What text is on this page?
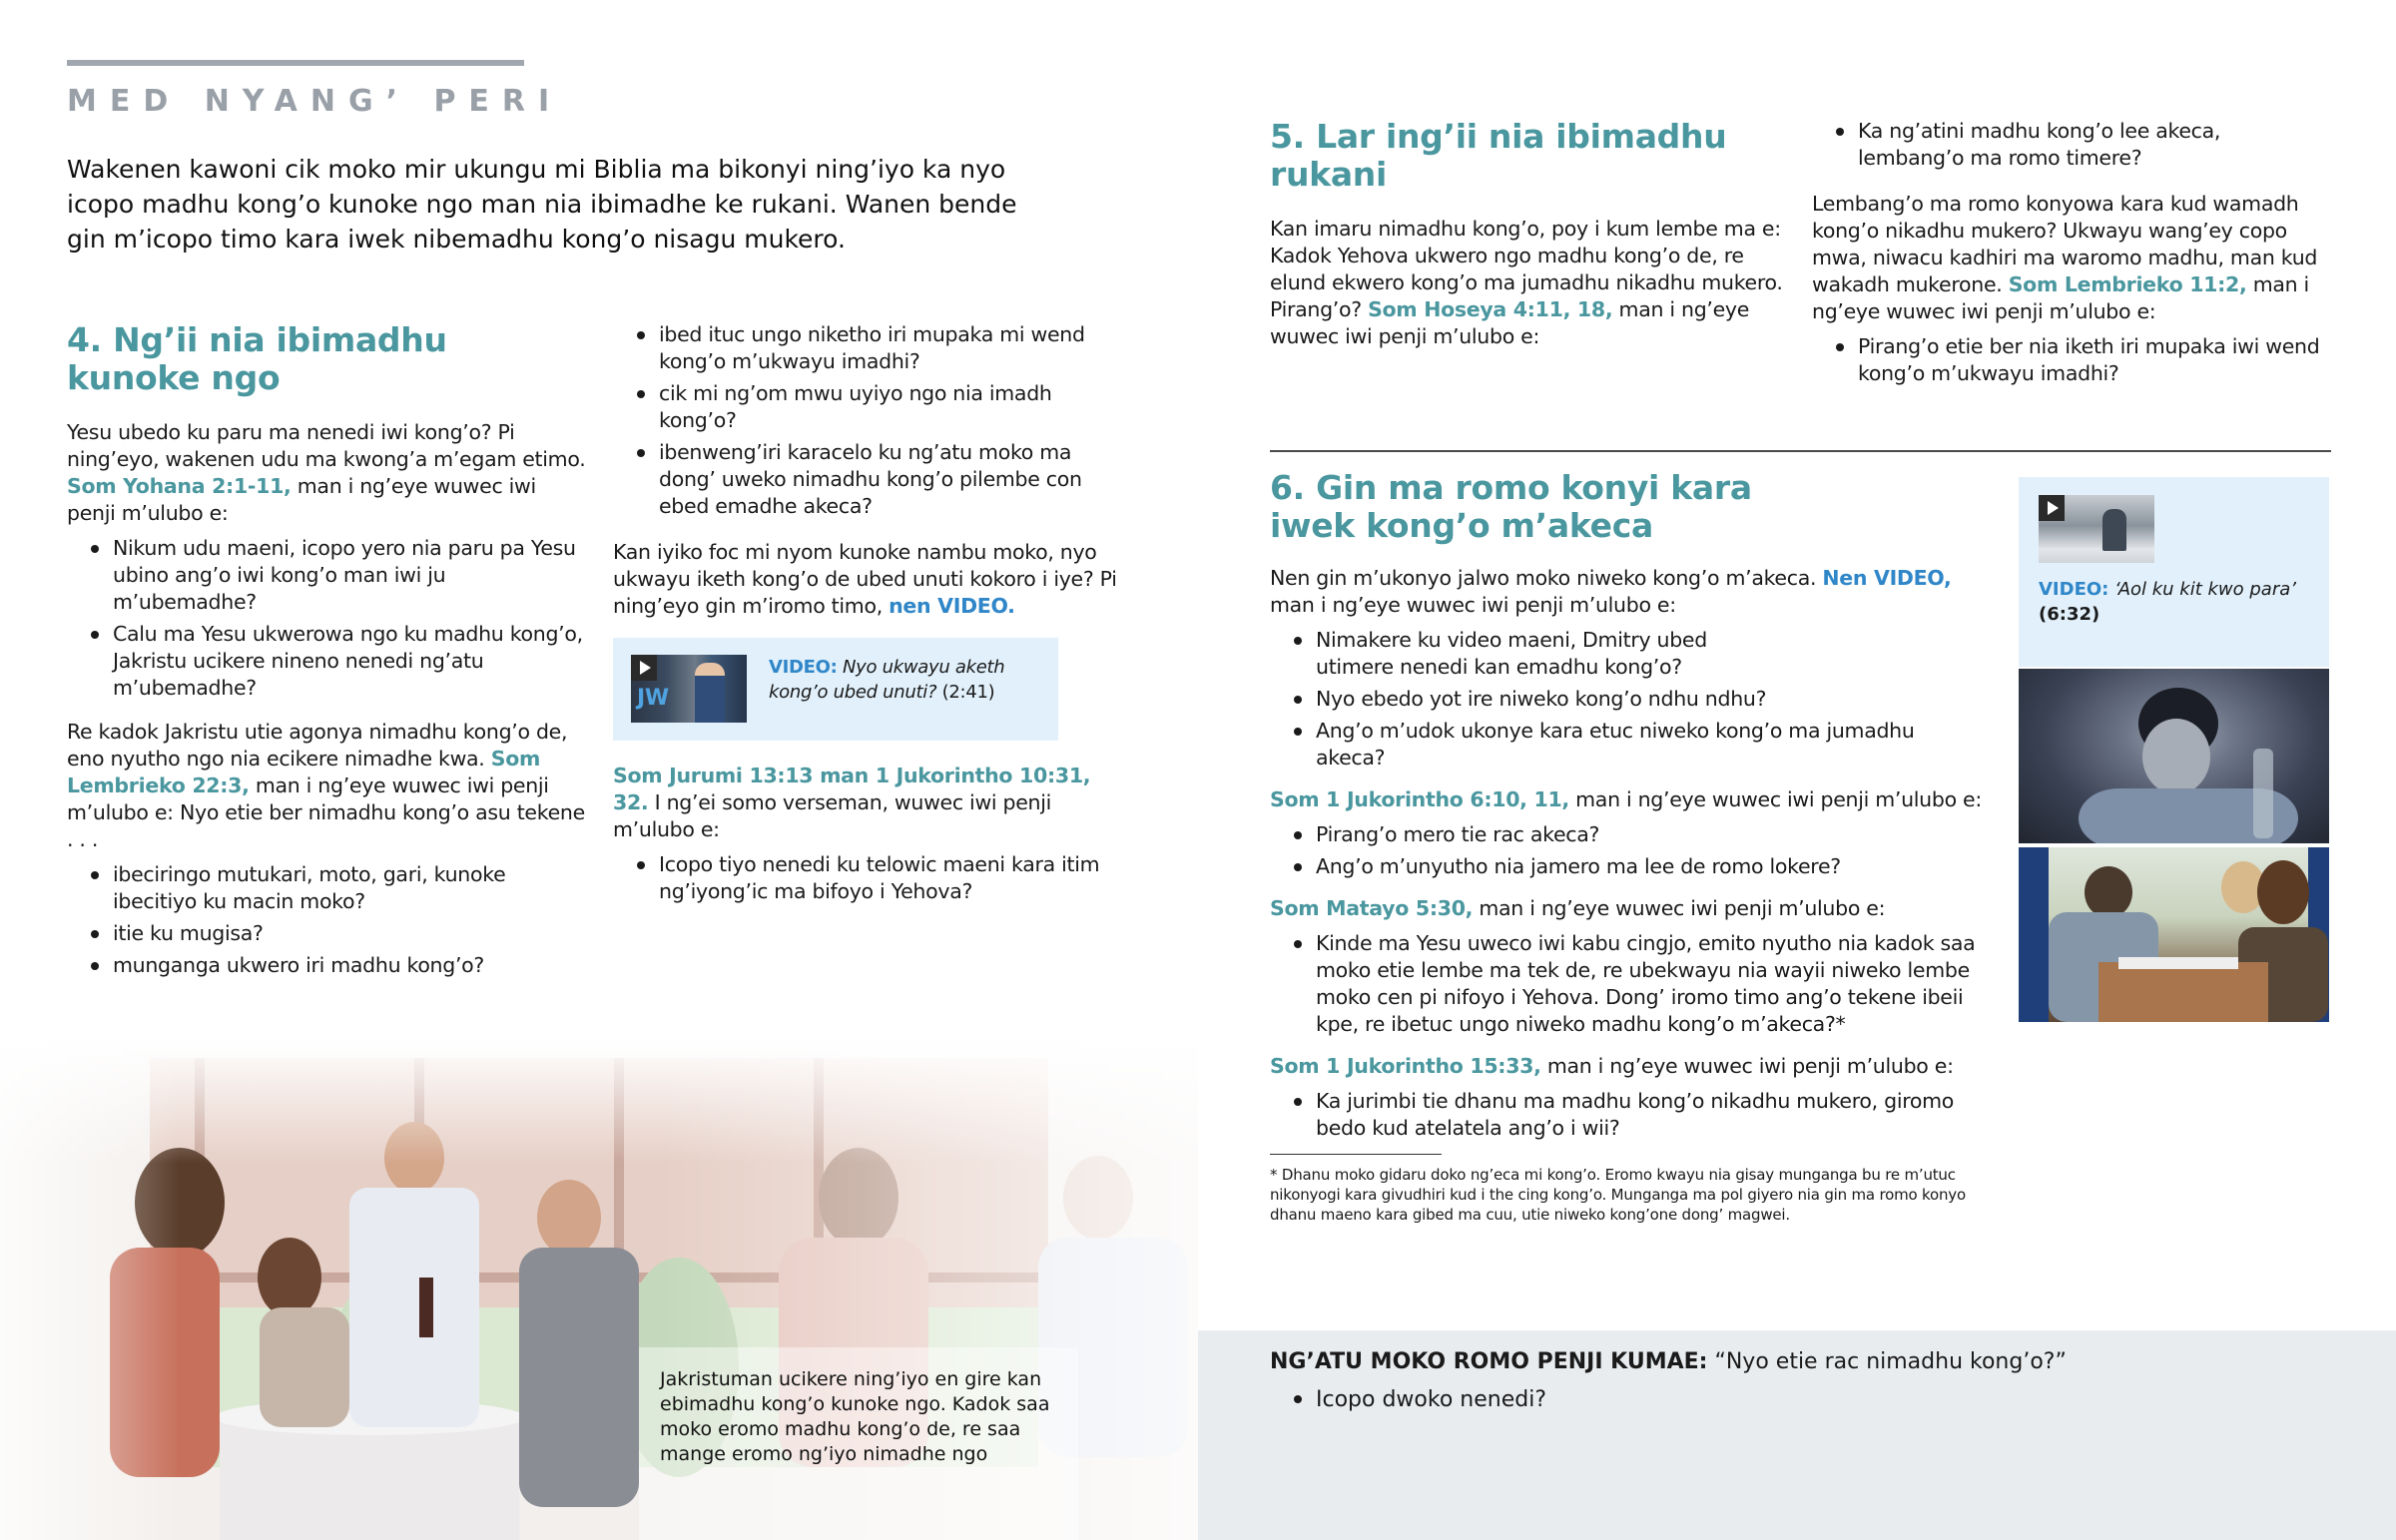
MED NYANG’ PERI

Wakenen kawoni cik moko mir ukungu mi Biblia ma bikonyi ning’iyo ka nyo icopo madhu kong’o kunoke ngo man nia ibimadhe ke rukani. Wanen bende gin m’icopo timo kara iwek nibemadhu kong’o nisagu mukero.

Jakristuman ucikere ning’iyo en gire kan ebimadhu kong’o kunoke ngo. Kadok saa moko eromo madhu kong’o de, re saa mange eromo ng’iyo nimadhe ngo

4. Ng’ii nia ibimadhu
kunoke ngo

Yesu ubedo ku paru ma nenedi iwi kong’o? Pi ning’eyo, wakenen udu ma kwong’a m’egam etimo. Som Yohana 2:1-11, man i ng’eye wuwec iwi penji m’ulubo e:

Nikum udu maeni, icopo yero nia paru pa Yesu ubino ang’o iwi kong’o man iwi ju m’ubemadhe?
Calu ma Yesu ukwerowa ngo ku madhu kong’o, Jakristu ucikere nineno nenedi ng’atu m’ubemadhe?

Re kadok Jakristu utie agonya nimadhu kong’o de, eno nyutho ngo nia ecikere nimadhe kwa. Som Lembrieko 22:3, man i ng’eye wuwec iwi penji m’ulubo e: Nyo etie ber nimadhu kong’o asu tekene . . .

ibeciringo mutukari, moto, gari, kunoke ibecitiyo ku macin moko?
itie ku mugisa?
munganga ukwero iri madhu kong’o?
ibed ituc ungo niketho iri mupaka mi wend kong’o m’ukwayu imadhi?
cik mi ng’om mwu uyiyo ngo nia imadh kong’o?
ibenweng’iri karacelo ku ng’atu moko ma dong’ uweko nimadhu kong’o pilembe con ebed emadhe akeca?

Kan iyiko foc mi nyom kunoke nambu moko, nyo ukwayu iketh kong’o de ubed unuti kokoro i iye? Pi ning’eyo gin m’iromo timo, nen VIDEO.

JW
VIDEO: Nyo ukwayu aketh kong’o ubed unuti? (2:41)

Som Jurumi 13:13 man 1 Jukorintho 10:31, 32. I ng’ei somo verseman, wuwec iwi penji m’ulubo e:

Icopo tiyo nenedi ku telowic maeni kara itim ng’iyong’ic ma bifoyo i Yehova?
5. Lar ing’ii nia ibimadhu rukani

Kan imaru nimadhu kong’o, poy i kum lembe ma e: Kadok Yehova ukwero ngo madhu kong’o de, re elund ekwero kong’o ma jumadhu nikadhu mukero. Pirang’o? Som Hoseya 4:11, 18, man i ng’eye wuwec iwi penji m’ulubo e:

Ka ng’atini madhu kong’o lee akeca, lembang’o ma romo timere?

Lembang’o ma romo konyowa kara kud wamadh kong’o nikadhu mukero? Ukwayu wang’ey copo mwa, niwacu kadhiri ma waromo madhu, man kud wakadh mukerone. Som Lembrieko 11:2, man i ng’eye wuwec iwi penji m’ulubo e:

Pirang’o etie ber nia iketh iri mupaka iwi wend kong’o m’ukwayu imadhi?
6. Gin ma romo konyi kara
iwek kong’o m’akeca

Nen gin m’ukonyo jalwo moko niweko kong’o m’akeca. Nen VIDEO, man i ng’eye wuwec iwi penji m’ulubo e:

Nimakere ku video maeni, Dmitry ubed utimere nenedi kan emadhu kong’o?
Nyo ebedo yot ire niweko kong’o ndhu ndhu?
Ang’o m’udok ukonye kara etuc niweko kong’o ma jumadhu akeca?

Som 1 Jukorintho 6:10, 11, man i ng’eye wuwec iwi penji m’ulubo e:

Pirang’o mero tie rac akeca?
Ang’o m’unyutho nia jamero ma lee de romo lokere?

Som Matayo 5:30, man i ng’eye wuwec iwi penji m’ulubo e:

Kinde ma Yesu uweco iwi kabu cingjo, emito nyutho nia kadok saa moko etie lembe ma tek de, re ubekwayu nia wayii niweko lembe moko cen pi nifoyo i Yehova. Dong’ iromo timo ang’o tekene ibeii kpe, re ibetuc ungo niweko madhu kong’o m’akeca?*

Som 1 Jukorintho 15:33, man i ng’eye wuwec iwi penji m’ulubo e:

Ka jurimbi tie dhanu ma madhu kong’o nikadhu mukero, giromo bedo kud atelatela ang’o i wii?

* Dhanu moko gidaru doko ng’eca mi kong’o. Eromo kwayu nia gisay munganga bu re m’utuc nikonyogi kara givudhiri kud i the cing kong’o. Munganga ma pol giyero nia gin ma romo konyo dhanu maeno kara gibed ma cuu, utie niweko kong’one dong’ magwei.

VIDEO: ‘Aol ku kit kwo para’
(6:32)

NG’ATU MOKO ROMO PENJI KUMAE: “Nyo etie rac nimadhu kong’o?”

Icopo dwoko nenedi?
